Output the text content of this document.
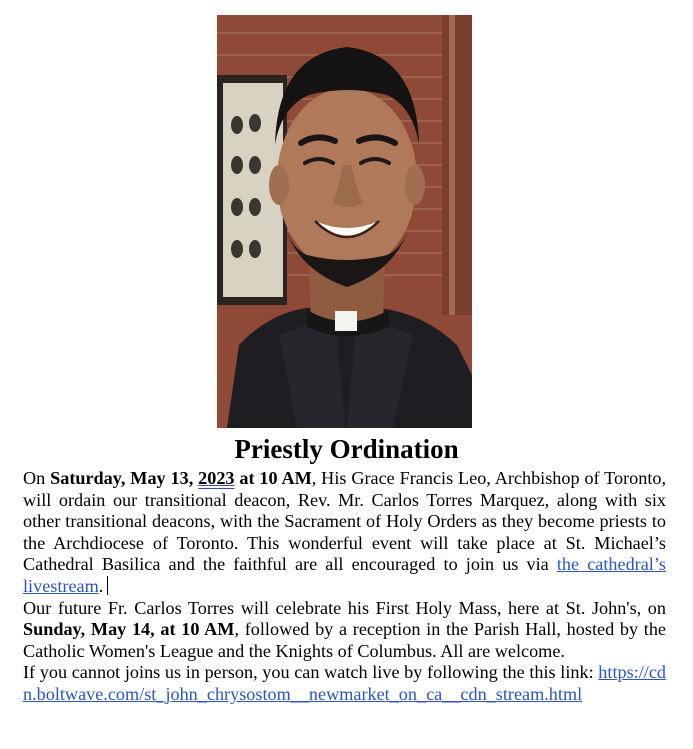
Priestly Ordination

On Saturday, May 13, 2023 at 10 AM, His Grace Francis Leo, Archbishop of Toronto, will ordain our transitional deacon, Rev. Mr. Carlos Torres Marquez, along with six other transitional deacons, with the Sacrament of Holy Orders as they become priests to the Archdiocese of Toronto. This wonderful event will take place at St. Michael’s Cathedral Basilica and the faithful are all encouraged to join us via the cathedral’s livestream.

Our future Fr. Carlos Torres will celebrate his First Holy Mass, here at St. John's, on Sunday, May 14, at 10 AM, followed by a reception in the Parish Hall, hosted by the Catholic Women's League and the Knights of Columbus. All are welcome.

If you cannot joins us in person, you can watch live by following the this link: https://cdn.boltwave.com/st_john_chrysostom__newmarket_on_ca__cdn_stream.html
